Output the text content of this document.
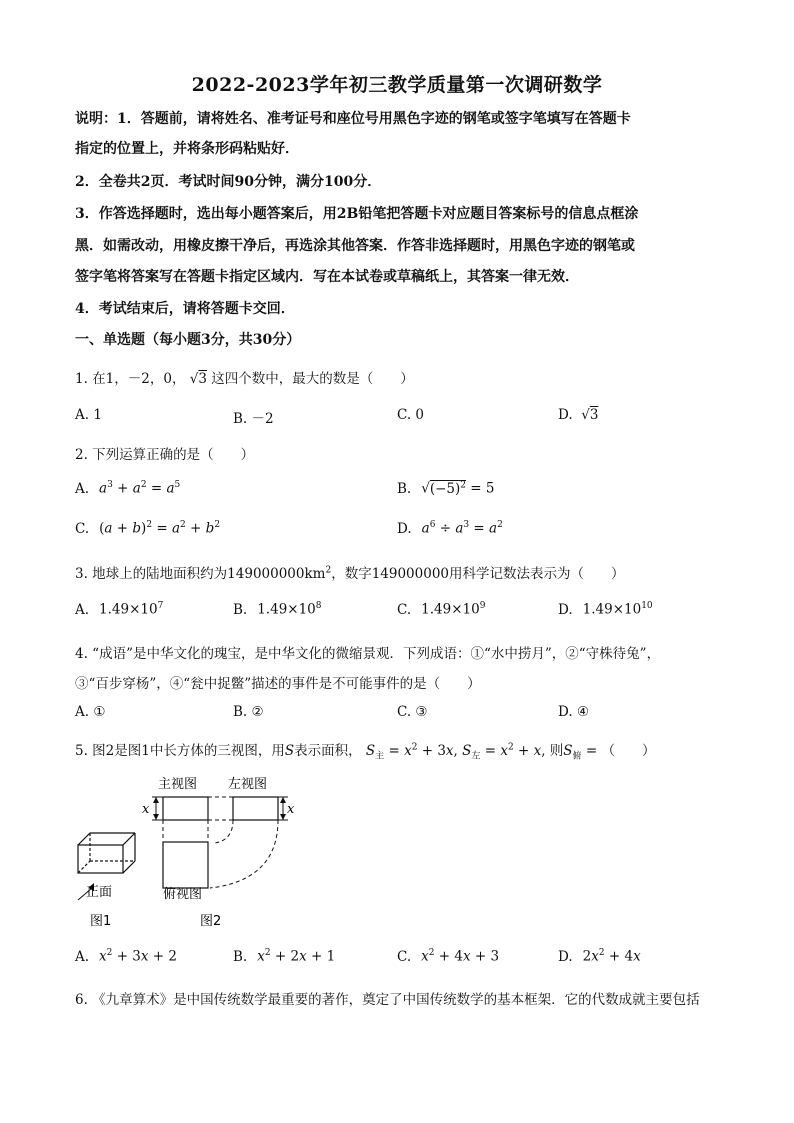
2022-2023学年初三教学质量第一次调研数学
说明：1．答题前，请将姓名、准考证号和座位号用黑色字迹的钢笔或签字笔填写在答题卡
指定的位置上，并将条形码粘贴好．
2．全卷共2页．考试时间90分钟，满分100分．
3．作答选择题时，选出每小题答案后，用2B铅笔把答题卡对应题目答案标号的信息点框涂
黑．如需改动，用橡皮擦干净后，再选涂其他答案．作答非选择题时，用黑色字迹的钢笔或
签字笔将答案写在答题卡指定区域内．写在本试卷或草稿纸上，其答案一律无效．
4．考试结束后，请将答题卡交回．
一、单选题（每小题3分，共30分）
1. 在1，－2，0， √3 这四个数中，最大的数是（　　）
A. 1	B. －2	C. 0	D.  √3
2. 下列运算正确的是（　　）
A. $a^3 + a^2 = a^5$	B. $√(-5)^2 = 5$
C. $(a + b)^2 = a^2 + b^2$	D. $a^6 \div a^3 = a^2$
3. 地球上的陆地面积约为$149000000km^2$，数字149000000用科学记数法表示为（　　）
A. $1.49\times 10^7$	B. $1.49\times 10^8$	C. $1.49\times 10^9$	D. $1.49\times 10^{10}$
4. “成语”是中华文化的瑰宝，是中华文化的微缩景观．下列成语：①“水中捞月”，②“守株待兔”，
③“百步穿杨”，④“瓮中捉鳖”描述的事件是不可能事件的是（　　）
A. ①	B. ②	C. ③	D. ④
5. 图2是图1中长方体的三视图，用S表示面积， $S_主 = x^2 + 3x$, $S_左 = x^2 + x$, 则$S_俯$ = （　　）
主视图 左视图
x	x
正面	俯视图
图1	图2
A. $x^2 + 3x + 2$	B. $x^2 + 2x + 1$	C. $x^2 + 4x + 3$	D. $2x^2 + 4x$
6. 《九章算术》是中国传统数学最重要的著作，奠定了中国传统数学的基本框架．它的代数成就主要包括
